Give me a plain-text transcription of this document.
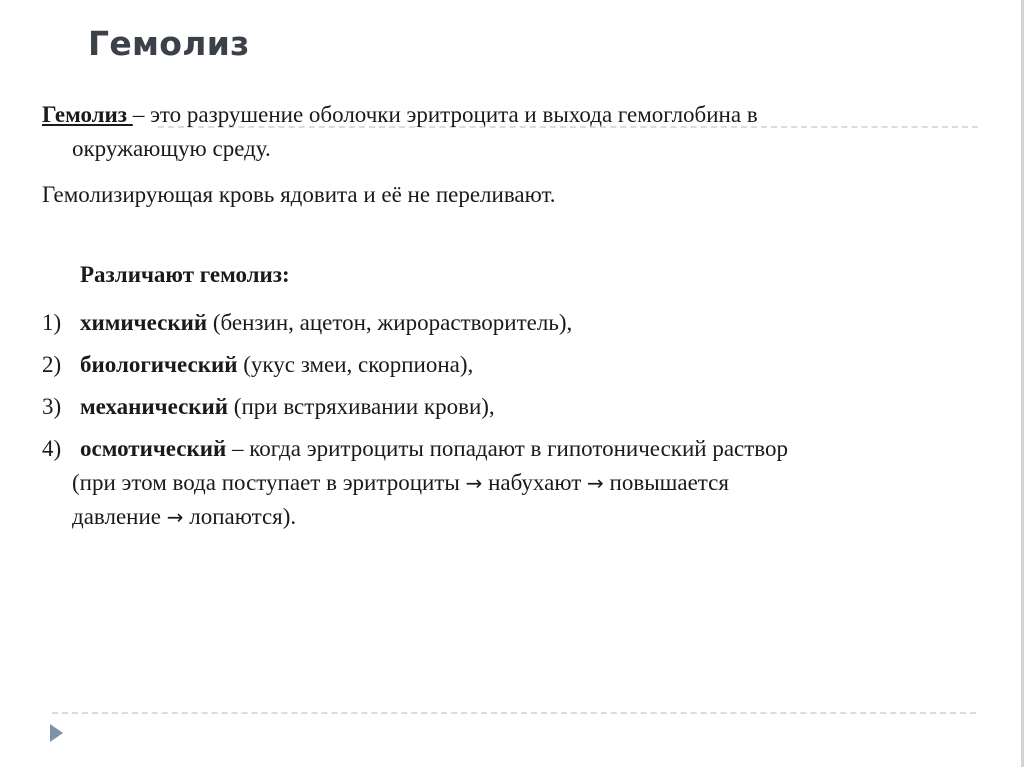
Гемолиз
Гемолиз – это разрушение оболочки эритроцита и выхода гемоглобина в
окружающую среду.
Гемолизирующая кровь ядовита и её не переливают.
Различают гемолиз:
1) химический (бензин, ацетон, жирорастворитель),
2) биологический (укус змеи, скорпиона),
3) механический (при встряхивании крови),
4) осмотический – когда эритроциты попадают в гипотонический раствор
(при этом вода поступает в эритроциты → набухают → повышается
давление → лопаются).
